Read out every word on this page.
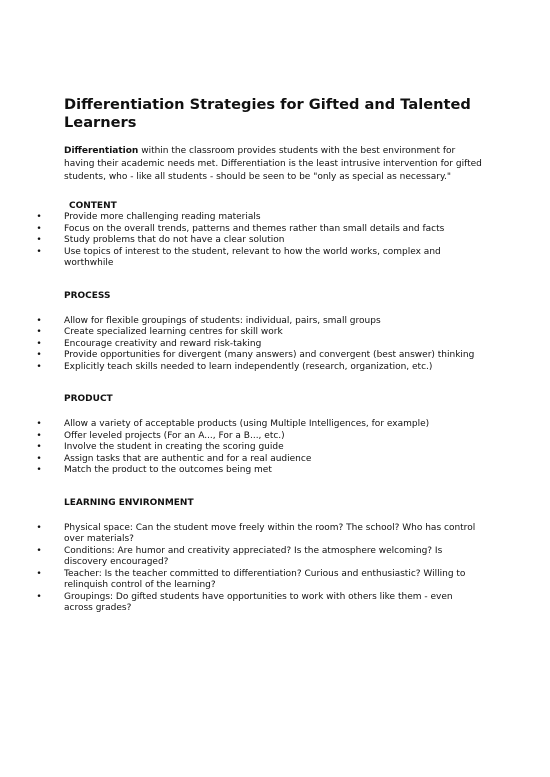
Differentiation Strategies for Gifted and Talented Learners

Differentiation within the classroom provides students with the best environment for having their academic needs met. Differentiation is the least intrusive intervention for gifted students, who - like all students - should be seen to be "only as special as necessary."

CONTENT
• Provide more challenging reading materials
• Focus on the overall trends, patterns and themes rather than small details and facts
• Study problems that do not have a clear solution
• Use topics of interest to the student, relevant to how the world works, complex and worthwhile
PROCESS
• Allow for flexible groupings of students: individual, pairs, small groups
• Create specialized learning centres for skill work
• Encourage creativity and reward risk-taking
• Provide opportunities for divergent (many answers) and convergent (best answer) thinking
• Explicitly teach skills needed to learn independently (research, organization, etc.)
PRODUCT
• Allow a variety of acceptable products (using Multiple Intelligences, for example)
• Offer leveled projects (For an A..., For a B..., etc.)
• Involve the student in creating the scoring guide
• Assign tasks that are authentic and for a real audience
• Match the product to the outcomes being met
LEARNING ENVIRONMENT
• Physical space: Can the student move freely within the room? The school? Who has control over materials?
• Conditions: Are humor and creativity appreciated? Is the atmosphere welcoming? Is discovery encouraged?
• Teacher: Is the teacher committed to differentiation? Curious and enthusiastic? Willing to relinquish control of the learning?
• Groupings: Do gifted students have opportunities to work with others like them - even across grades?
